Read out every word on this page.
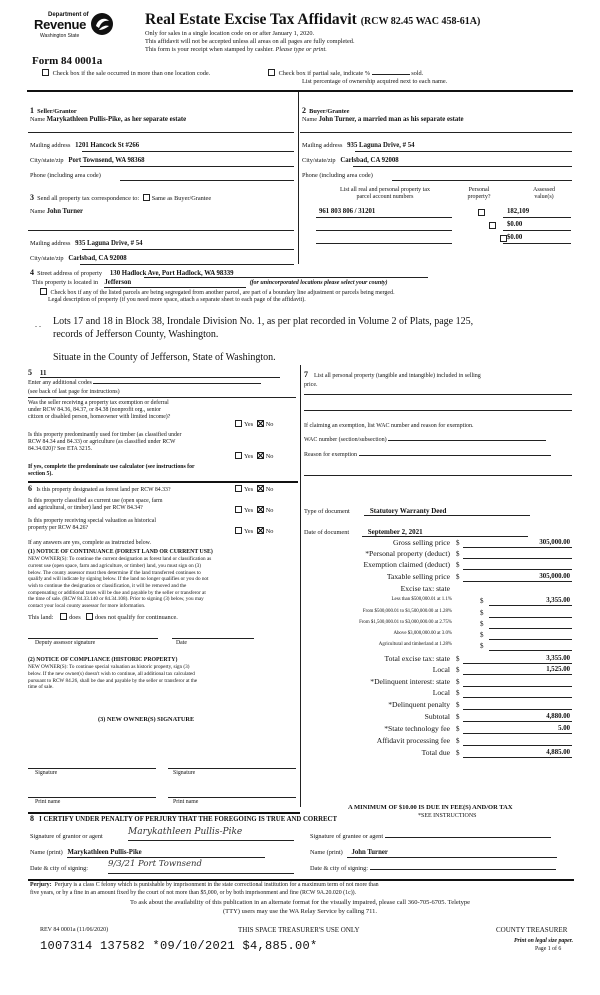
Department of
Revenue
Washington State
Real Estate Excise Tax Affidavit (RCW 82.45 WAC 458-61A)
Only for sales in a single location code on or after January 1, 2020.
This affidavit will not be accepted unless all areas on all pages are fully completed.
This form is your receipt when stamped by cashier. Please type or print.
Form 84 0001a
Check box if the sale occurred in more than one location code.	Check box if partial sale, indicate %	sold.
List percentage of ownership acquired next to each name.
1 Seller/Grantor
Name Marykathleen Pullis-Pike, as her separate estate
Mailing address 1201 Hancock St #266
City/state/zip Port Townsend, WA 98368
Phone (including area code)
2 Buyer/Grantee
Name John Turner, a married man as his separate estate
Mailing address 935 Laguna Drive, # 54
City/state/zip Carlsbad, CA 92008
Phone (including area code)
3 Send all property tax correspondence to: Same as Buyer/Grantee
Name John Turner
Mailing address 935 Laguna Drive, # 54
City/state/zip Carlsbad, CA 92008
List all real and personal property tax
parcel account numbers
Personal
property?
Assessed
value(s)
961 803 806 / 31201	182,109
$0.00
$0.00
4 Street address of property 130 Hadlock Ave, Port Hadlock, WA 98339
This property is located in Jefferson	(for unincorporated locations please select your county)
Check box if any of the listed parcels are being segregated from another parcel, are part of a boundary line adjustment or parcels being merged.
Legal description of property (if you need more space, attach a separate sheet to each page of the affidavit).
. . Lots 17 and 18 in Block 38, Irondale Division No. 1, as per plat recorded in Volume 2 of Plats, page 125,
records of Jefferson County, Washington.
Situate in the County of Jefferson, State of Washington.
5 11
Enter any additional codes
(see back of last page for instructions)
Was the seller receiving a property tax exemption or deferral
under RCW 84.36, 84.37, or 84.38 (nonprofit org., senior
citizen or disabled person, homeowner with limited income)?
Yes No
Is this property predominantly used for timber (as classified under
RCW 84.34 and 84.33) or agriculture (as classified under RCW
84.34.020)? See ETA 3215.
Yes No
If yes, complete the predominate use calculator (see instructions for
section 5).
6 Is this property designated as forest land per RCW 84.33?	Yes No
Is this property classified as current use (open space, farm
and agricultural, or timber) land per RCW 84.34?	Yes No
Is this property receiving special valuation as historical
property per RCW 84.26?	Yes No
If any answers are yes, complete as instructed below.
(1) NOTICE OF CONTINUANCE (FOREST LAND OR CURRENT USE)
NEW OWNER(S): To continue the current designation as forest land or classification as
current use (open space, farm and agriculture, or timber) land, you must sign on (3)
below. The county assessor must then determine if the land transferred continues to
qualify and will indicate by signing below. If the land no longer qualifies or you do not
wish to continue the designation or classification, it will be removed and the
compensating or additional taxes will be due and payable by the seller or transferor at
the time of sale. (RCW 84.33.140 or 84.34.108). Prior to signing (3) below, you may
contact your local county assessor for more information.
This land: does does not qualify for continuance.
Deputy assessor signature	Date
(2) NOTICE OF COMPLIANCE (HISTORIC PROPERTY)
NEW OWNER(S): To continue special valuation as historic property, sign (3)
below. If the new owner(s) doesn't wish to continue, all additional tax calculated
pursuant to RCW 84.26, shall be due and payable by the seller or transferor at the
time of sale.
(3) NEW OWNER(S) SIGNATURE
Signature	Signature
Print name	Print name
7 List all personal property (tangible and intangible) included in selling
price.
If claiming an exemption, list WAC number and reason for exemption.
WAC number (section/subsection)
Reason for exemption
Type of document	Statutory Warranty Deed
Date of document	September 2, 2021
Gross selling price $	305,000.00
*Personal property (deduct) $
Exemption claimed (deduct) $
Taxable selling price $	305,000.00
Excise tax: state
Less than $500,000.01 at 1.1%	$	3,355.00
From $500,000.01 to $1,500,000.00 at 1.28%	$
From $1,500,000.01 to $3,000,000.00 at 2.75%	$
Above $3,000,000.00 at 3.0%	$
Agricultural and timberland at 1.28%	$
Total excise tax: state $	3,355.00
Local $	1,525.00
*Delinquent interest: state $
Local $
*Delinquent penalty $
Subtotal $	4,880.00
*State technology fee $	5.00
Affidavit processing fee $
Total due $	4,885.00
A MINIMUM OF $10.00 IS DUE IN FEE(S) AND/OR TAX
*SEE INSTRUCTIONS
8 I CERTIFY UNDER PENALTY OF PERJURY THAT THE FOREGOING IS TRUE AND CORRECT
Signature of grantor or agent	Marykathleen Pullis-Pike
Name (print) Marykathleen Pullis-Pike
Date & city of signing: 9/3/21 Port Townsend
Signature of grantee or agent
Name (print) John Turner
Date & city of signing:
Perjury: Perjury is a class C felony which is punishable by imprisonment in the state correctional institution for a maximum term of not more than
five years, or by a fine in an amount fixed by the court of not more than $5,000, or by both imprisonment and fine (RCW 9A.20.020 (1c)).
To ask about the availability of this publication in an alternate format for the visually impaired, please call 360-705-6705. Teletype
(TTY) users may use the WA Relay Service by calling 711.
REV 84 0001a (11/06/2020)	THIS SPACE TREASURER'S USE ONLY	COUNTY TREASURER
Print on legal size paper.
Page 1 of 6
1007314 137582 *09/10/2021 $4,885.00*
